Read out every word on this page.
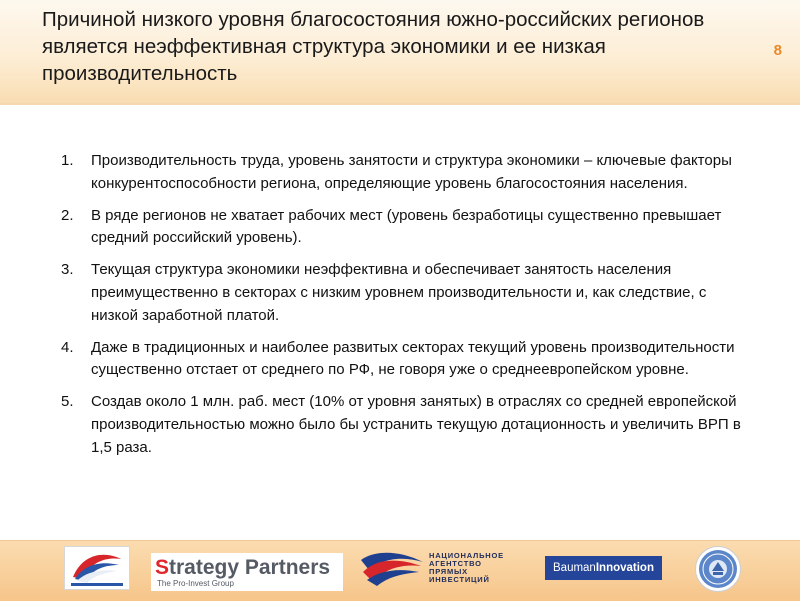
Причиной низкого уровня благосостояния южно-российских регионов является неэффективная структура экономики и ее низкая производительность
8
1. Производительность труда, уровень занятости и структура экономики – ключевые факторы конкурентоспособности региона, определяющие уровень благосостояния населения.
2. В ряде регионов не хватает рабочих мест (уровень безработицы существенно превышает средний российский уровень).
3. Текущая структура экономики неэффективна и обеспечивает занятость населения преимущественно в секторах с низким уровнем производительности и, как следствие, с низкой заработной платой.
4. Даже в традиционных и наиболее развитых секторах текущий уровень производительности существенно отстает от среднего по РФ, не говоря уже о среднеевропейском уровне.
5. Создав около 1 млн. раб. мест (10% от уровня занятых) в отраслях со средней европейской производительностью можно было бы устранить текущую дотационность и увеличить ВРП в 1,5 раза.
Strategy Partners
The Pro-Invest Group
НАЦИОНАЛЬНОЕ
АГЕНТСТВО
ПРЯМЫХ
ИНВЕСТИЦИЙ
BaumanInnovation
